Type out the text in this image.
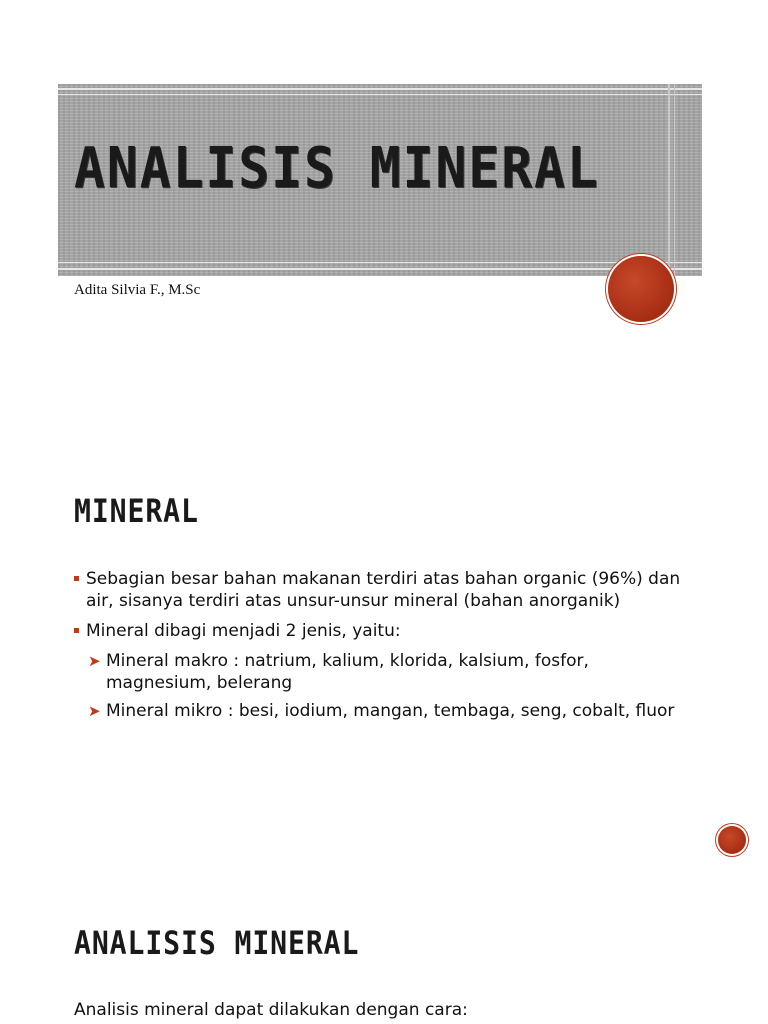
ANALISIS MINERAL
Adita Silvia F., M.Sc
MINERAL
Sebagian besar bahan makanan terdiri atas bahan organic (96%) dan air, sisanya terdiri atas unsur-unsur mineral (bahan anorganik)
Mineral dibagi menjadi 2 jenis, yaitu:
➤ Mineral makro : natrium, kalium, klorida, kalsium, fosfor, magnesium, belerang
➤ Mineral mikro : besi, iodium, mangan, tembaga, seng, cobalt, fluor
ANALISIS MINERAL
Analisis mineral dapat dilakukan dengan cara:
